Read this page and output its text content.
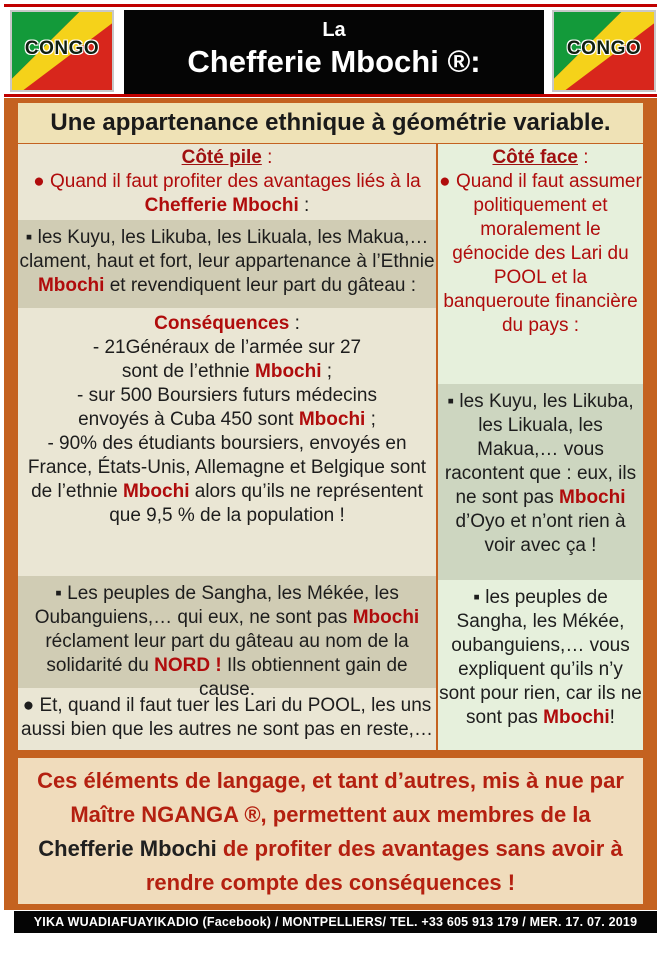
CONGO
La
Chefferie Mbochi ®:	CONGO
Une appartenance ethnique à géométrie variable.
Côté pile :
● Quand il faut profiter des avantages liés à la
Chefferie Mbochi :
▪ les Kuyu, les Likuba, les Likuala, les Makua,…
clament, haut et fort, leur appartenance à l’Ethnie
Mbochi et revendiquent leur part du gâteau :
Conséquences :
- 21Généraux de l’armée sur 27
sont de l’ethnie Mbochi ;
- sur 500 Boursiers futurs médecins
envoyés à Cuba 450 sont Mbochi ;
- 90% des étudiants boursiers, envoyés en
France, États-Unis, Allemagne et Belgique sont
de l’ethnie Mbochi alors qu’ils ne représentent
que 9,5 % de la population !
▪ Les peuples de Sangha, les Mékée, les
Oubanguiens,… qui eux, ne sont pas Mbochi
réclament leur part du gâteau au nom de la
solidarité du NORD ! Ils obtiennent gain de cause.
● Et, quand il faut tuer les Lari du POOL, les uns
aussi bien que les autres ne sont pas en reste,…
Côté face :
● Quand il faut assumer
politiquement et
moralement le
génocide des Lari du
POOL et la
banqueroute financière
du pays :
▪ les Kuyu, les Likuba,
les Likuala, les
Makua,… vous
racontent que : eux, ils
ne sont pas Mbochi
d’Oyo et n’ont rien à
voir avec ça !
▪ les peuples de
Sangha, les Mékée,
oubanguiens,… vous
expliquent qu’ils n’y
sont pour rien, car ils ne
sont pas Mbochi!
Ces éléments de langage, et tant d’autres, mis à nue par
Maître NGANGA ®, permettent aux membres de la
Chefferie Mbochi de profiter des avantages sans avoir à
rendre compte des conséquences !
YIKA WUADIAFUAYIKADIO (Facebook) / MONTPELLIERS/ TEL. +33 605 913 179 / MER. 17. 07. 2019
